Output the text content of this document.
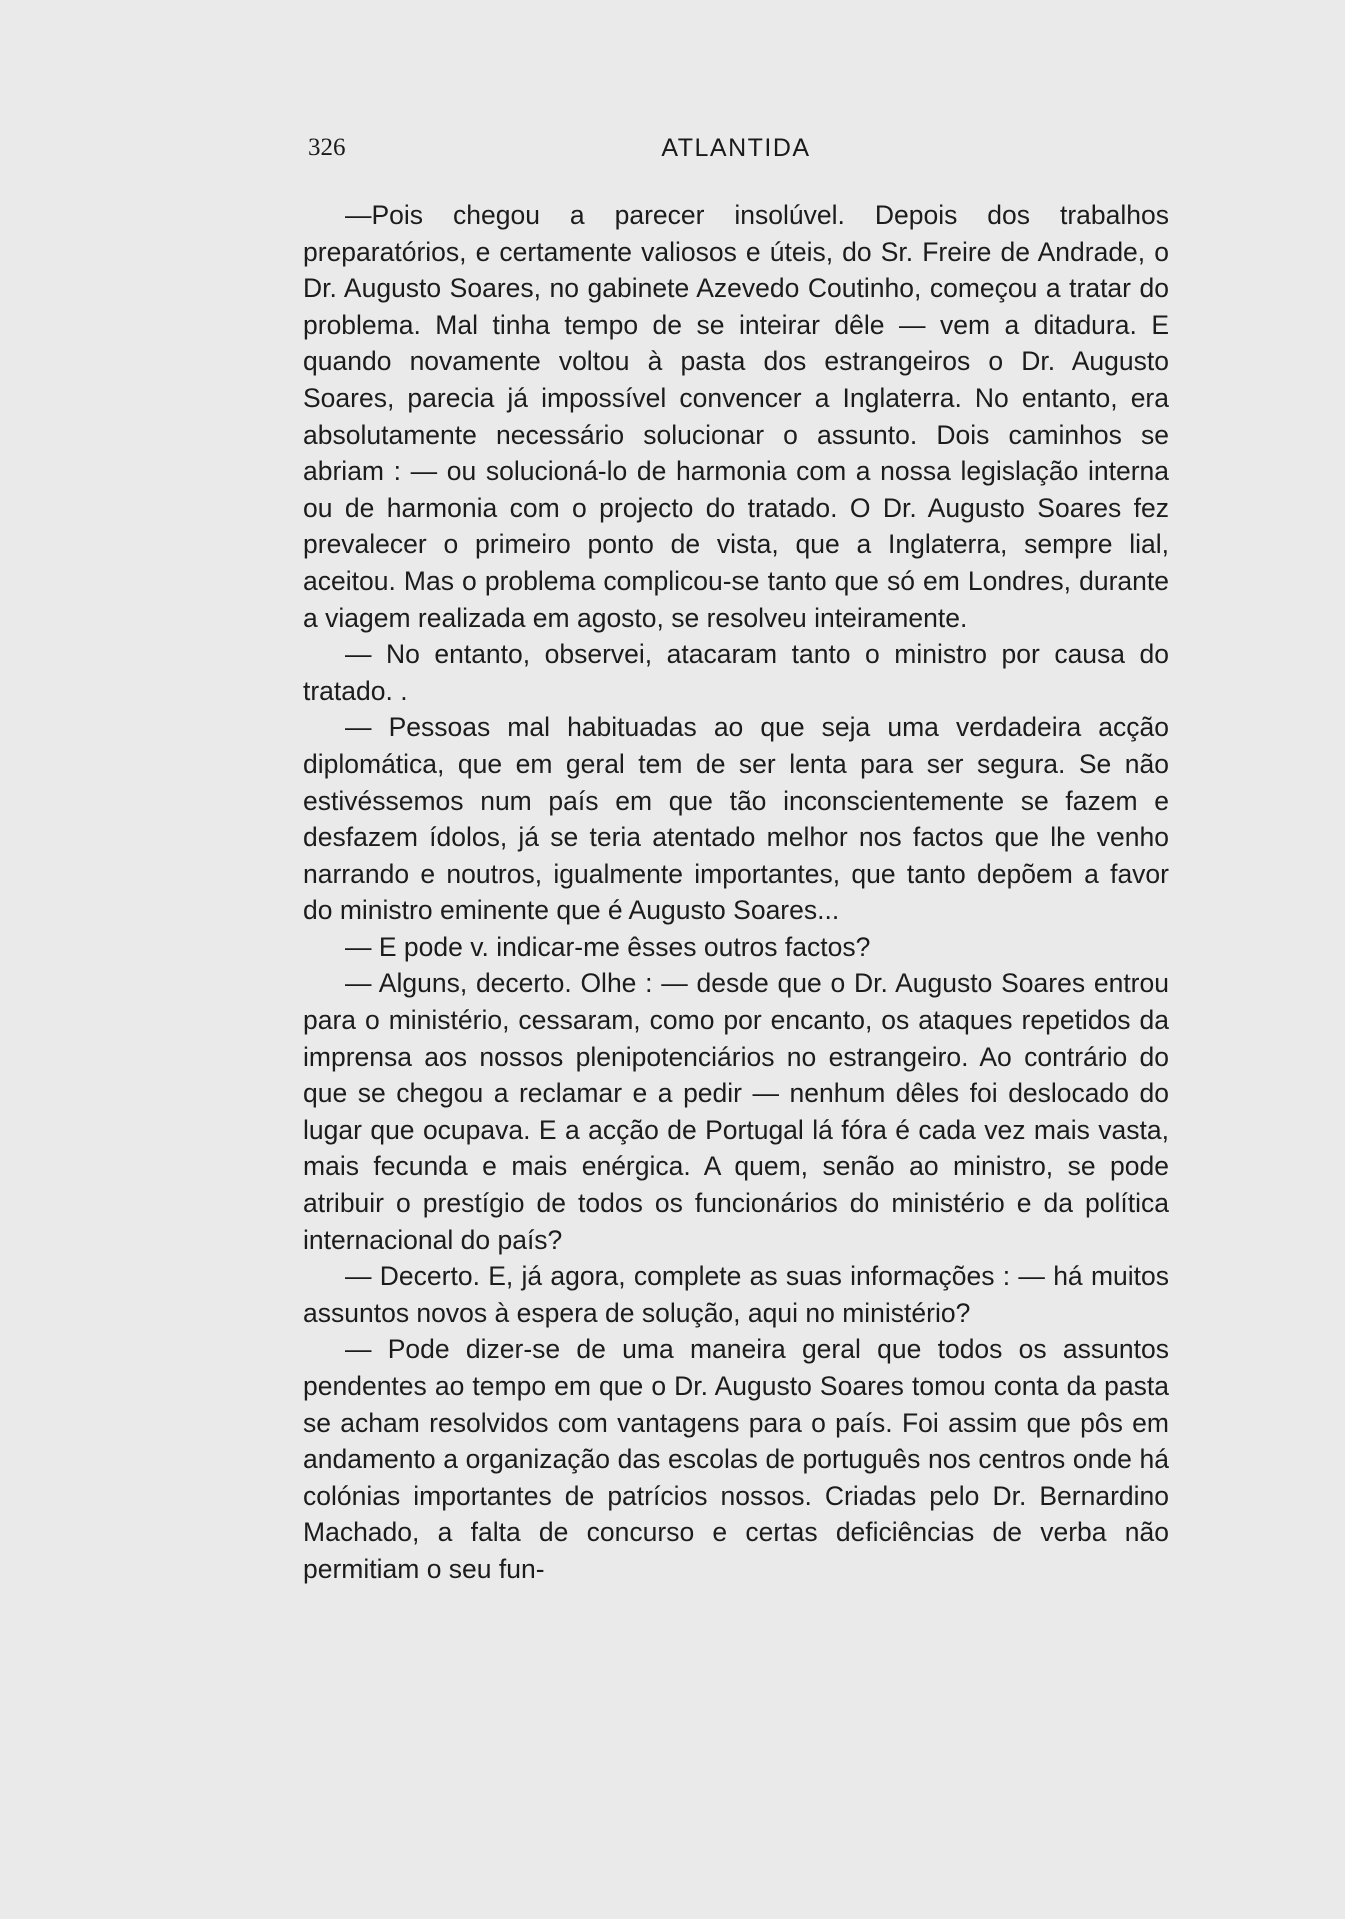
326	ATLANTIDA

—Pois chegou a parecer insolúvel. Depois dos trabalhos preparatórios, e certamente valiosos e úteis, do Sr. Freire de Andrade, o Dr. Augusto Soares, no gabinete Azevedo Coutinho, começou a tratar do problema. Mal tinha tempo de se inteirar dêle — vem a ditadura. E quando novamente voltou à pasta dos estrangeiros o Dr. Augusto Soares, parecia já impossível convencer a Inglaterra. No entanto, era absolutamente necessário solucionar o assunto. Dois caminhos se abriam : — ou solucioná-lo de harmonia com a nossa legislação interna ou de harmonia com o projecto do tratado. O Dr. Augusto Soares fez prevalecer o primeiro ponto de vista, que a Inglaterra, sempre lial, aceitou. Mas o problema complicou-se tanto que só em Londres, durante a viagem realizada em agosto, se resolveu inteiramente.

— No entanto, observei, atacaram tanto o ministro por causa do tratado. .

— Pessoas mal habituadas ao que seja uma verdadeira acção diplomática, que em geral tem de ser lenta para ser segura. Se não estivéssemos num país em que tão inconscientemente se fazem e desfazem ídolos, já se teria atentado melhor nos factos que lhe venho narrando e noutros, igualmente importantes, que tanto depõem a favor do ministro eminente que é Augusto Soares...

— E pode v. indicar-me êsses outros factos?

— Alguns, decerto. Olhe : — desde que o Dr. Augusto Soares entrou para o ministério, cessaram, como por encanto, os ataques repetidos da imprensa aos nossos plenipotenciários no estrangeiro. Ao contrário do que se chegou a reclamar e a pedir — nenhum dêles foi deslocado do lugar que ocupava. E a acção de Portugal lá fóra é cada vez mais vasta, mais fecunda e mais enérgica. A quem, senão ao ministro, se pode atribuir o prestígio de todos os funcionários do ministério e da política internacional do país?

— Decerto. E, já agora, complete as suas informações : — há muitos assuntos novos à espera de solução, aqui no ministério?

— Pode dizer-se de uma maneira geral que todos os assuntos pendentes ao tempo em que o Dr. Augusto Soares tomou conta da pasta se acham resolvidos com vantagens para o país. Foi assim que pôs em andamento a organização das escolas de português nos centros onde há colónias importantes de patrícios nossos. Criadas pelo Dr. Bernardino Machado, a falta de concurso e certas deficiências de verba não permitiam o seu fun-
